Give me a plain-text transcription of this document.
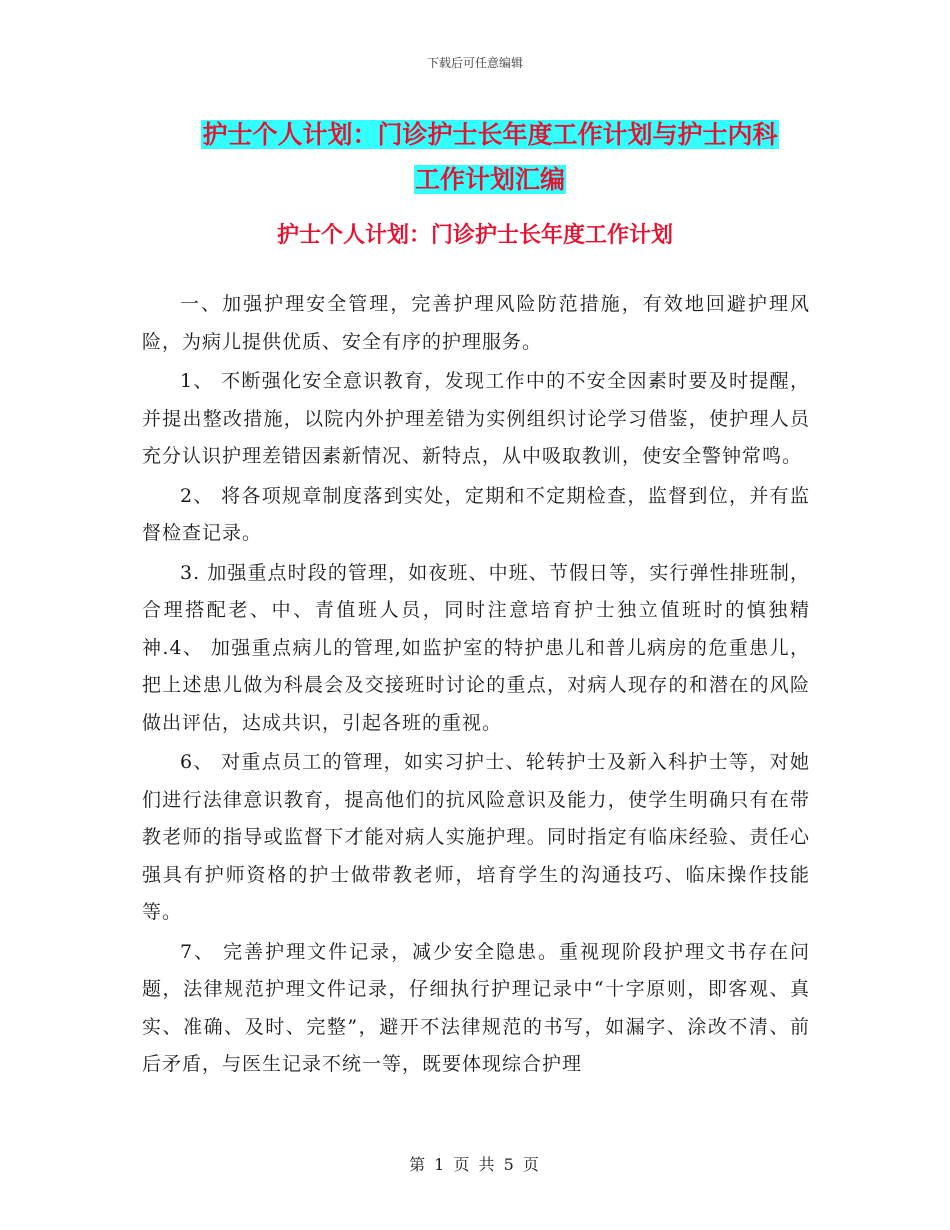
下载后可任意编辑
护士个人计划：门诊护士长年度工作计划与护士内科
工作计划汇编
护士个人计划：门诊护士长年度工作计划

一、加强护理安全管理，完善护理风险防范措施，有效地回避护理风险，为病儿提供优质、安全有序的护理服务。

1、 不断强化安全意识教育，发现工作中的不安全因素时要及时提醒，并提出整改措施，以院内外护理差错为实例组织讨论学习借鉴，使护理人员充分认识护理差错因素新情况、新特点，从中吸取教训，使安全警钟常鸣。

2、 将各项规章制度落到实处，定期和不定期检查，监督到位，并有监督检查记录。

3. 加强重点时段的管理，如夜班、中班、节假日等，实行弹性排班制，合理搭配老、中、青值班人员，同时注意培育护士独立值班时的慎独精神.4、 加强重点病儿的管理,如监护室的特护患儿和普儿病房的危重患儿，把上述患儿做为科晨会及交接班时讨论的重点，对病人现存的和潜在的风险做出评估，达成共识，引起各班的重视。

6、 对重点员工的管理，如实习护士、轮转护士及新入科护士等，对她们进行法律意识教育，提高他们的抗风险意识及能力，使学生明确只有在带教老师的指导或监督下才能对病人实施护理。同时指定有临床经验、责任心强具有护师资格的护士做带教老师，培育学生的沟通技巧、临床操作技能等。

7、 完善护理文件记录，减少安全隐患。重视现阶段护理文书存在问题，法律规范护理文件记录，仔细执行护理记录中“十字原则，即客观、真实、准确、及时、完整”，避开不法律规范的书写，如漏字、涂改不清、前后矛盾，与医生记录不统一等，既要体现综合护理

第 1 页 共 5 页
